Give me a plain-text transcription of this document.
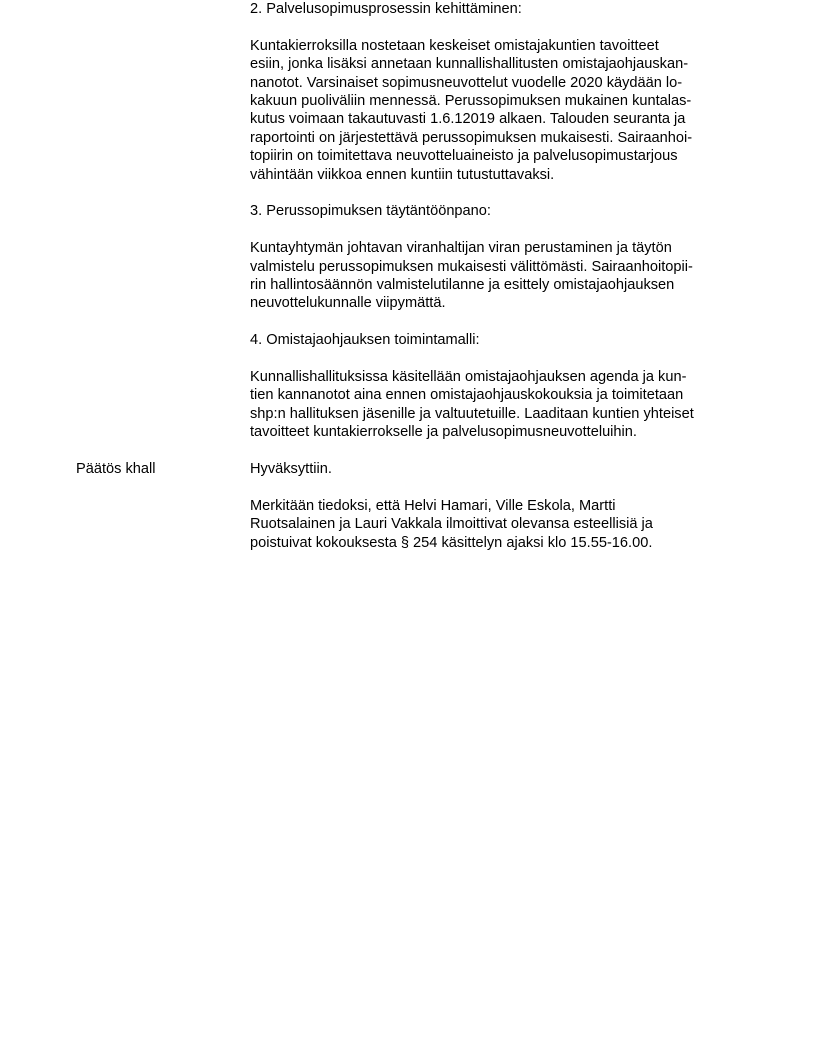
2. Palvelusopimusprosessin kehittäminen:

Kuntakierroksilla nostetaan keskeiset omistajakuntien tavoitteet
esiin, jonka lisäksi annetaan kunnallishallitusten omistajaohjauskan-
nanotot. Varsinaiset sopimusneuvottelut vuodelle 2020 käydään lo-
kakuun puoliväliin mennessä. Perussopimuksen mukainen kuntalas-
kutus voimaan takautuvasti 1.6.12019 alkaen. Talouden seuranta ja
raportointi on järjestettävä perussopimuksen mukaisesti. Sairaanhoi-
topiirin on toimitettava neuvotteluaineisto ja palvelusopimustarjous
vähintään viikkoa ennen kuntiin tutustuttavaksi.

3. Perussopimuksen täytäntöönpano:

Kuntayhtymän johtavan viranhaltijan viran perustaminen ja täytön
valmistelu perussopimuksen mukaisesti välittömästi. Sairaanhoitopii-
rin hallintosäännön valmistelutilanne ja esittely omistajaohjauksen
neuvottelukunnalle viipymättä.

4. Omistajaohjauksen toimintamalli:

Kunnallishallituksissa käsitellään omistajaohjauksen agenda ja kun-
tien kannanotot aina ennen omistajaohjauskokouksia ja toimitetaan
shp:n hallituksen jäsenille ja valtuutetuille. Laaditaan kuntien yhteiset
tavoitteet kuntakierrokselle ja palvelusopimusneuvotteluihin.

Hyväksyttiin.

Merkitään tiedoksi, että Helvi Hamari, Ville Eskola, Martti
Ruotsalainen ja Lauri Vakkala ilmoittivat olevansa esteellisiä ja
poistuivat kokouksesta § 254 käsittelyn ajaksi klo 15.55-16.00.

Päätös khall
